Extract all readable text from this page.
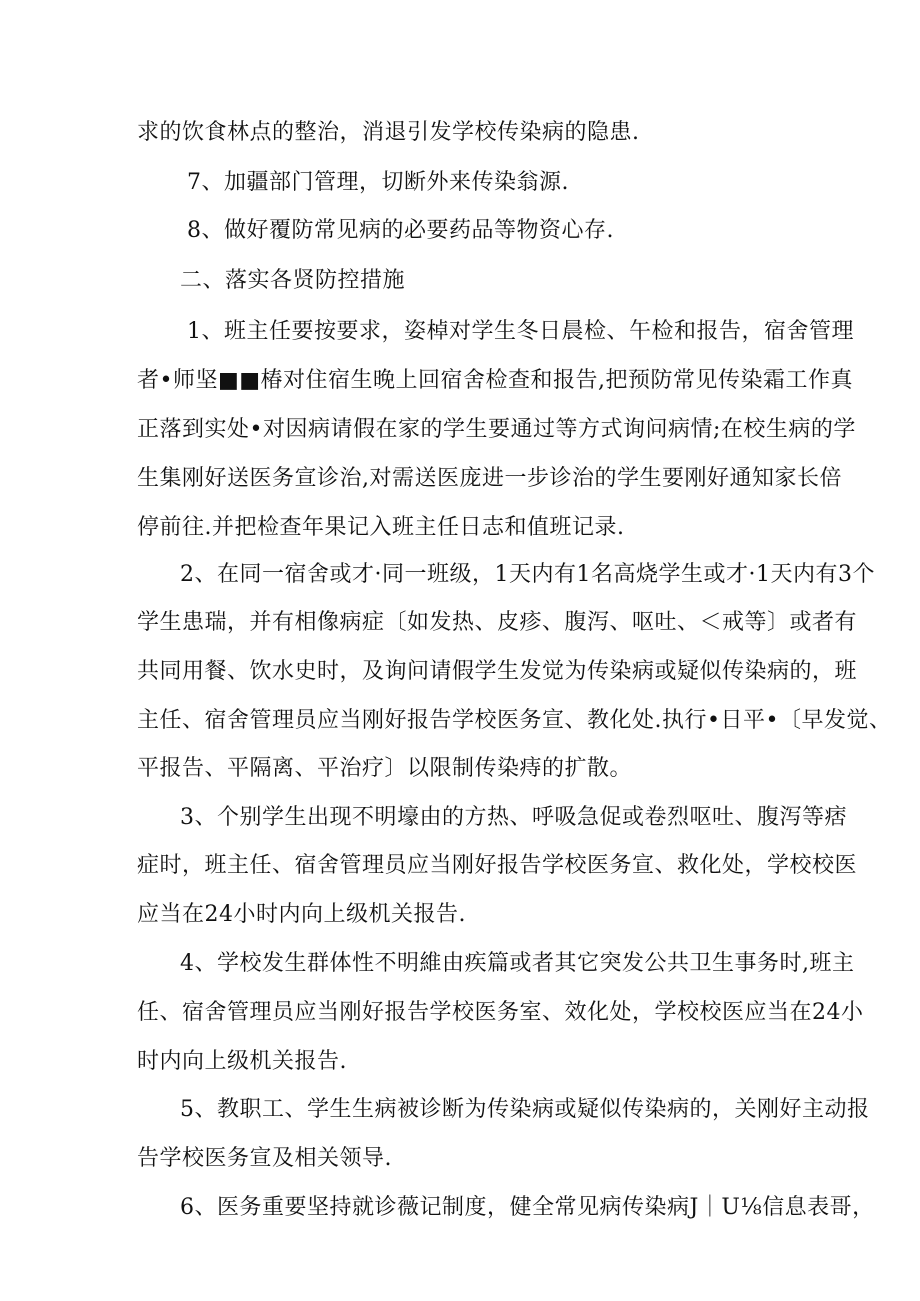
求的饮食林点的整治，消退引发学校传染病的隐患.
7、加疆部门管理，切断外来传染翁源.
8、做好覆防常见病的必要药品等物资心存.
二、落实各贤防控措施
1、班主任要按要求，姿棹对学生冬日晨检、午检和报告，宿舍管理
者•师坚■■椿对住宿生晚上回宿舍检查和报告,把预防常见传染霜工作真
正落到实处•对因病请假在家的学生要通过等方式询问病情;在校生病的学
生集刚好送医务宣诊治,对需送医庞进一步诊治的学生要刚好通知家长倍
停前往.并把检查年果记入班主任日志和值班记录.
2、在同一宿舍或才·同一班级，1天内有1名高烧学生或才·1天内有3个
学生患瑞，并有相像病症〔如发热、皮疹、腹泻、呕吐、＜戒等〕或者有
共同用餐、饮水史时，及询问请假学生发觉为传染病或疑似传染病的，班
主任、宿舍管理员应当刚好报告学校医务宣、教化处.执行•日平•〔早发觉、
平报告、平隔离、平治疗〕以限制传染痔的扩散。
3、个别学生出现不明壕由的方热、呼吸急促或卷烈呕吐、腹泻等痞
症时，班主任、宿舍管理员应当刚好报告学校医务宣、救化处，学校校医
应当在24小时内向上级机关报告.
4、学校发生群体性不明維由疾篇或者其它突发公共卫生事务时,班主
任、宿舍管理员应当刚好报告学校医务室、效化处，学校校医应当在24小
时内向上级机关报告.
5、教职工、学生生病被诊断为传染病或疑似传染病的，关刚好主动报
告学校医务宣及相关领导.
6、医务重要坚持就诊薇记制度，健全常见病传染病J｜U⅛信息表哥，
